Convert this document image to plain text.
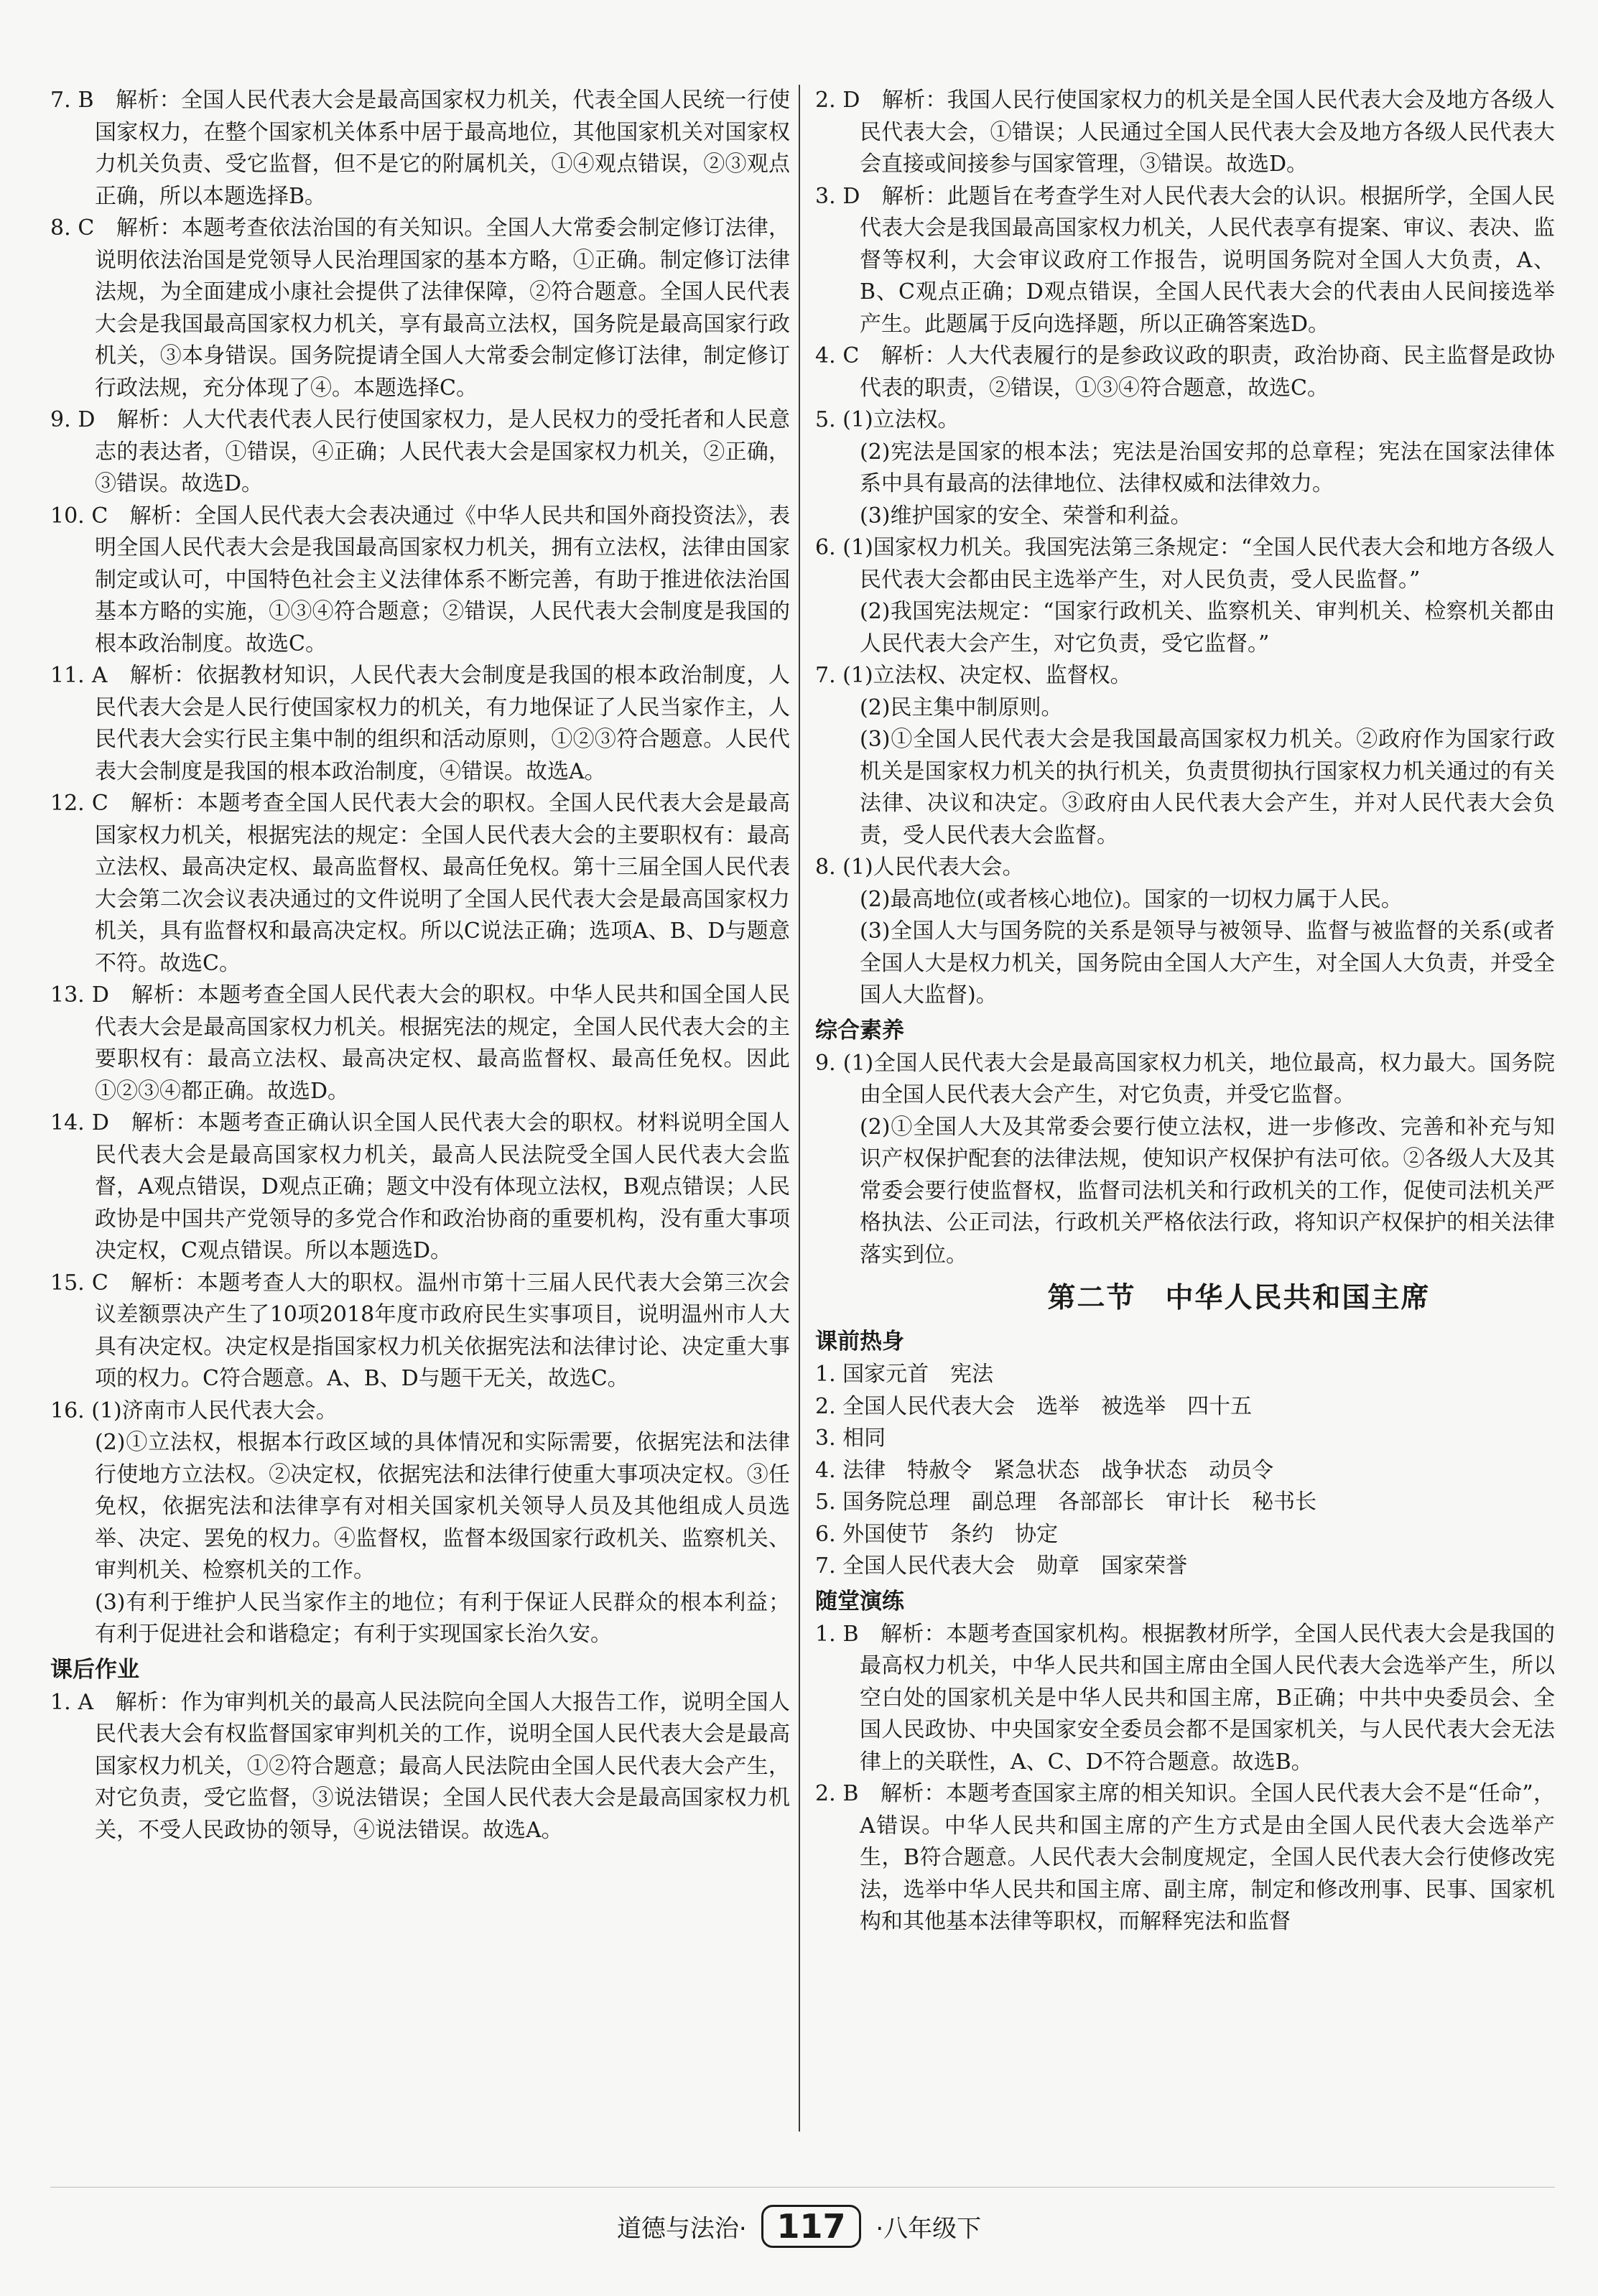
7. B　解析：全国人民代表大会是最高国家权力机关，代表全国人民统一行使国家权力，在整个国家机关体系中居于最高地位，其他国家机关对国家权力机关负责、受它监督，但不是它的附属机关，①④观点错误，②③观点正确，所以本题选择B。

8. C　解析：本题考查依法治国的有关知识。全国人大常委会制定修订法律，说明依法治国是党领导人民治理国家的基本方略，①正确。制定修订法律法规，为全面建成小康社会提供了法律保障，②符合题意。全国人民代表大会是我国最高国家权力机关，享有最高立法权，国务院是最高国家行政机关，③本身错误。国务院提请全国人大常委会制定修订法律，制定修订行政法规，充分体现了④。本题选择C。

9. D　解析：人大代表代表人民行使国家权力，是人民权力的受托者和人民意志的表达者，①错误，④正确；人民代表大会是国家权力机关，②正确，③错误。故选D。

10. C　解析：全国人民代表大会表决通过《中华人民共和国外商投资法》，表明全国人民代表大会是我国最高国家权力机关，拥有立法权，法律由国家制定或认可，中国特色社会主义法律体系不断完善，有助于推进依法治国基本方略的实施，①③④符合题意；②错误，人民代表大会制度是我国的根本政治制度。故选C。

11. A　解析：依据教材知识，人民代表大会制度是我国的根本政治制度，人民代表大会是人民行使国家权力的机关，有力地保证了人民当家作主，人民代表大会实行民主集中制的组织和活动原则，①②③符合题意。人民代表大会制度是我国的根本政治制度，④错误。故选A。

12. C　解析：本题考查全国人民代表大会的职权。全国人民代表大会是最高国家权力机关，根据宪法的规定：全国人民代表大会的主要职权有：最高立法权、最高决定权、最高监督权、最高任免权。第十三届全国人民代表大会第二次会议表决通过的文件说明了全国人民代表大会是最高国家权力机关，具有监督权和最高决定权。所以C说法正确；选项A、B、D与题意不符。故选C。

13. D　解析：本题考查全国人民代表大会的职权。中华人民共和国全国人民代表大会是最高国家权力机关。根据宪法的规定，全国人民代表大会的主要职权有：最高立法权、最高决定权、最高监督权、最高任免权。因此①②③④都正确。故选D。

14. D　解析：本题考查正确认识全国人民代表大会的职权。材料说明全国人民代表大会是最高国家权力机关，最高人民法院受全国人民代表大会监督，A观点错误，D观点正确；题文中没有体现立法权，B观点错误；人民政协是中国共产党领导的多党合作和政治协商的重要机构，没有重大事项决定权，C观点错误。所以本题选D。

15. C　解析：本题考查人大的职权。温州市第十三届人民代表大会第三次会议差额票决产生了10项2018年度市政府民生实事项目，说明温州市人大具有决定权。决定权是指国家权力机关依据宪法和法律讨论、决定重大事项的权力。C符合题意。A、B、D与题干无关，故选C。

16. (1)济南市人民代表大会。

(2)①立法权，根据本行政区域的具体情况和实际需要，依据宪法和法律行使地方立法权。②决定权，依据宪法和法律行使重大事项决定权。③任免权，依据宪法和法律享有对相关国家机关领导人员及其他组成人员选举、决定、罢免的权力。④监督权，监督本级国家行政机关、监察机关、审判机关、检察机关的工作。

(3)有利于维护人民当家作主的地位；有利于保证人民群众的根本利益；有利于促进社会和谐稳定；有利于实现国家长治久安。

课后作业

1. A　解析：作为审判机关的最高人民法院向全国人大报告工作，说明全国人民代表大会有权监督国家审判机关的工作，说明全国人民代表大会是最高国家权力机关，①②符合题意；最高人民法院由全国人民代表大会产生，对它负责，受它监督，③说法错误；全国人民代表大会是最高国家权力机关，不受人民政协的领导，④说法错误。故选A。

2. D　解析：我国人民行使国家权力的机关是全国人民代表大会及地方各级人民代表大会，①错误；人民通过全国人民代表大会及地方各级人民代表大会直接或间接参与国家管理，③错误。故选D。

3. D　解析：此题旨在考查学生对人民代表大会的认识。根据所学，全国人民代表大会是我国最高国家权力机关，人民代表享有提案、审议、表决、监督等权利，大会审议政府工作报告，说明国务院对全国人大负责，A、B、C观点正确；D观点错误，全国人民代表大会的代表由人民间接选举产生。此题属于反向选择题，所以正确答案选D。

4. C　解析：人大代表履行的是参政议政的职责，政治协商、民主监督是政协代表的职责，②错误，①③④符合题意，故选C。

5. (1)立法权。

(2)宪法是国家的根本法；宪法是治国安邦的总章程；宪法在国家法律体系中具有最高的法律地位、法律权威和法律效力。

(3)维护国家的安全、荣誉和利益。

6. (1)国家权力机关。我国宪法第三条规定：“全国人民代表大会和地方各级人民代表大会都由民主选举产生，对人民负责，受人民监督。”

(2)我国宪法规定：“国家行政机关、监察机关、审判机关、检察机关都由人民代表大会产生，对它负责，受它监督。”

7. (1)立法权、决定权、监督权。

(2)民主集中制原则。

(3)①全国人民代表大会是我国最高国家权力机关。②政府作为国家行政机关是国家权力机关的执行机关，负责贯彻执行国家权力机关通过的有关法律、决议和决定。③政府由人民代表大会产生，并对人民代表大会负责，受人民代表大会监督。

8. (1)人民代表大会。

(2)最高地位(或者核心地位)。国家的一切权力属于人民。

(3)全国人大与国务院的关系是领导与被领导、监督与被监督的关系(或者全国人大是权力机关，国务院由全国人大产生，对全国人大负责，并受全国人大监督)。

综合素养

9. (1)全国人民代表大会是最高国家权力机关，地位最高，权力最大。国务院由全国人民代表大会产生，对它负责，并受它监督。

(2)①全国人大及其常委会要行使立法权，进一步修改、完善和补充与知识产权保护配套的法律法规，使知识产权保护有法可依。②各级人大及其常委会要行使监督权，监督司法机关和行政机关的工作，促使司法机关严格执法、公正司法，行政机关严格依法行政，将知识产权保护的相关法律落实到位。

第二节　中华人民共和国主席

课前热身

1. 国家元首　宪法

2. 全国人民代表大会　选举　被选举　四十五

3. 相同

4. 法律　特赦令　紧急状态　战争状态　动员令

5. 国务院总理　副总理　各部部长　审计长　秘书长

6. 外国使节　条约　协定

7. 全国人民代表大会　勋章　国家荣誉

随堂演练

1. B　解析：本题考查国家机构。根据教材所学，全国人民代表大会是我国的最高权力机关，中华人民共和国主席由全国人民代表大会选举产生，所以空白处的国家机关是中华人民共和国主席，B正确；中共中央委员会、全国人民政协、中央国家安全委员会都不是国家机关，与人民代表大会无法律上的关联性，A、C、D不符合题意。故选B。

2. B　解析：本题考查国家主席的相关知识。全国人民代表大会不是“任命”，A错误。中华人民共和国主席的产生方式是由全国人民代表大会选举产生，B符合题意。人民代表大会制度规定，全国人民代表大会行使修改宪法，选举中华人民共和国主席、副主席，制定和修改刑事、民事、国家机构和其他基本法律等职权，而解释宪法和监督

道德与法治· 117 ·八年级下
